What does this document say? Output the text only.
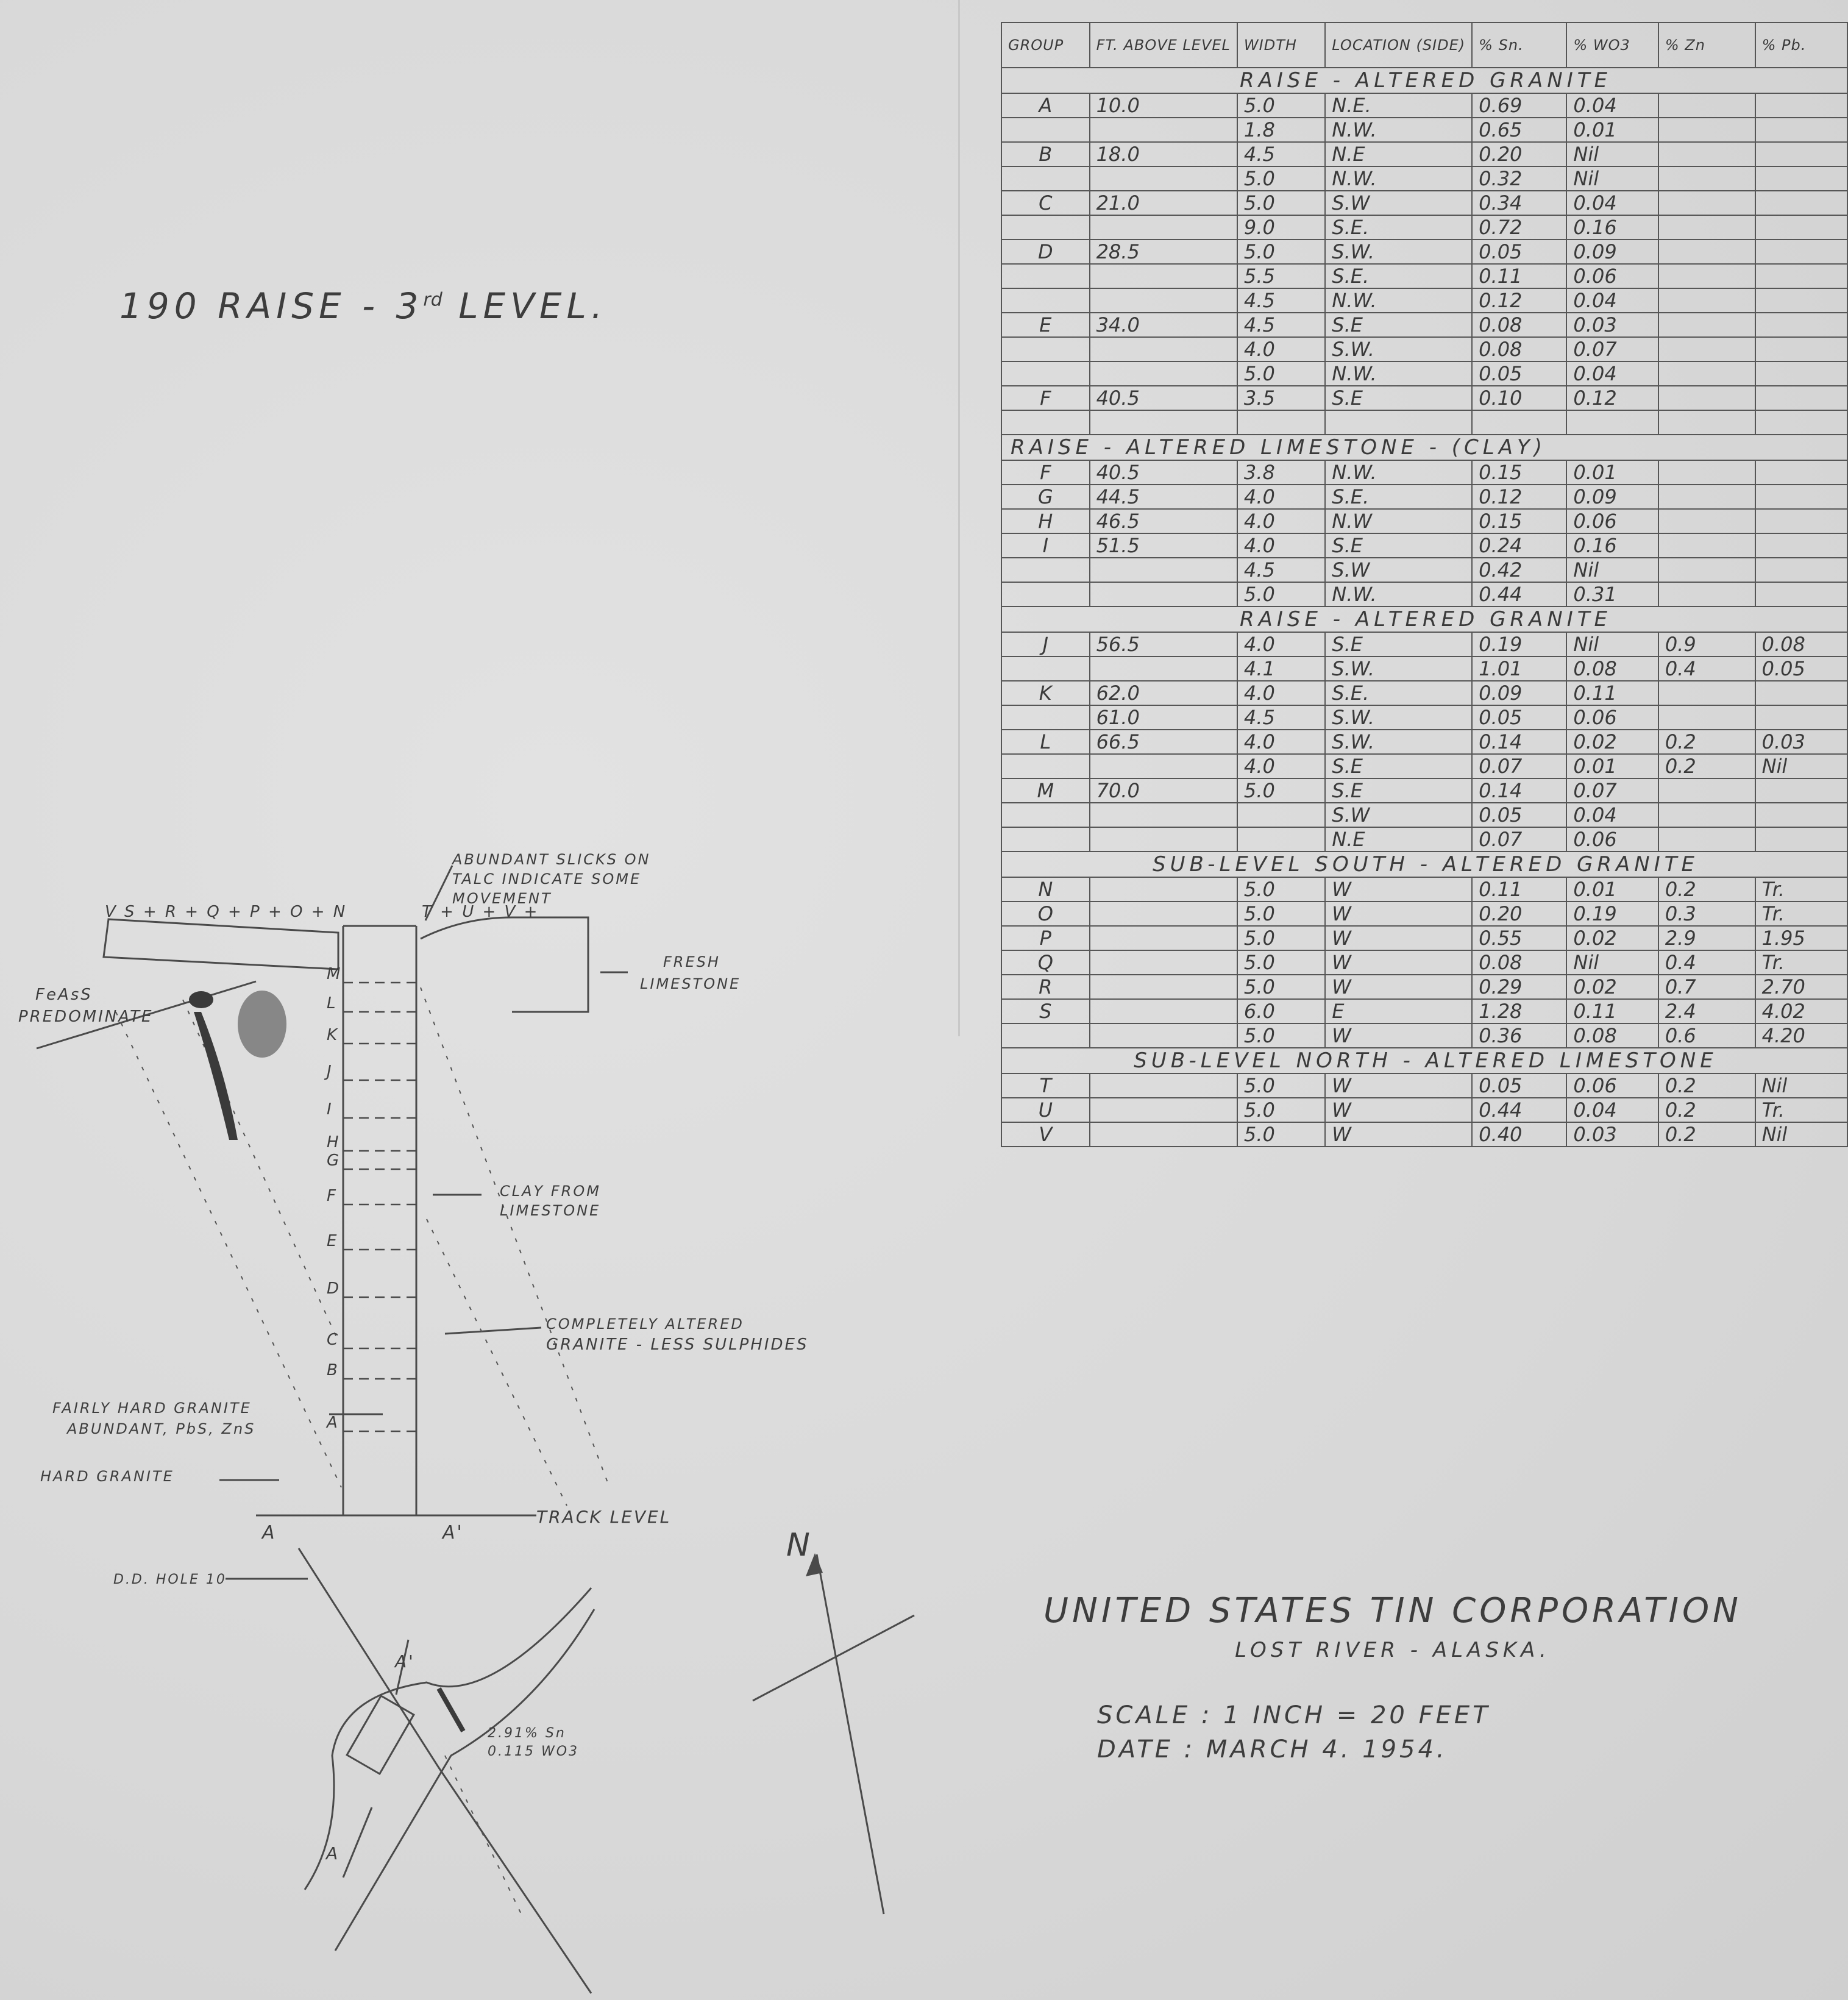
190 RAISE - 3rd LEVEL.
GROUP	FT. ABOVE LEVEL	WIDTH	LOCATION (SIDE)	% Sn.	% WO3	% Zn	% Pb.
RAISE - ALTERED GRANITE							
A	10.0	5.0	N.E.	0.69	0.04		
		1.8	N.W.	0.65	0.01		
B	18.0	4.5	N.E	0.20	Nil		
		5.0	N.W.	0.32	Nil		
C	21.0	5.0	S.W	0.34	0.04		
		9.0	S.E.	0.72	0.16		
D	28.5	5.0	S.W.	0.05	0.09		
		5.5	S.E.	0.11	0.06		
		4.5	N.W.	0.12	0.04		
E	34.0	4.5	S.E	0.08	0.03		
		4.0	S.W.	0.08	0.07		
		5.0	N.W.	0.05	0.04		
F	40.5	3.5	S.E	0.10	0.12		

RAISE - ALTERED LIMESTONE - (CLAY)							
F	40.5	3.8	N.W.	0.15	0.01		
G	44.5	4.0	S.E.	0.12	0.09		
H	46.5	4.0	N.W	0.15	0.06		
I	51.5	4.0	S.E	0.24	0.16		
		4.5	S.W	0.42	Nil		
		5.0	N.W.	0.44	0.31		
RAISE - ALTERED GRANITE							
J	56.5	4.0	S.E	0.19	Nil	0.9	0.08
		4.1	S.W.	1.01	0.08	0.4	0.05
K	62.0	4.0	S.E.	0.09	0.11		
	61.0	4.5	S.W.	0.05	0.06		
L	66.5	4.0	S.W.	0.14	0.02	0.2	0.03
		4.0	S.E	0.07	0.01	0.2	Nil
M	70.0	5.0	S.E	0.14	0.07		
			S.W	0.05	0.04		
			N.E	0.07	0.06		
SUB-LEVEL SOUTH - ALTERED GRANITE							
N		5.0	W	0.11	0.01	0.2	Tr.
O		5.0	W	0.20	0.19	0.3	Tr.
P		5.0	W	0.55	0.02	2.9	1.95
Q		5.0	W	0.08	Nil	0.4	Tr.
R		5.0	W	0.29	0.02	0.7	2.70
S		6.0	E	1.28	0.11	2.4	4.02
		5.0	W	0.36	0.08	0.6	4.20
SUB-LEVEL NORTH - ALTERED LIMESTONE							
T		5.0	W	0.05	0.06	0.2	Nil
U		5.0	W	0.44	0.04	0.2	Tr.
V		5.0	W	0.40	0.03	0.2	Nil
M
L
K
J
I
H
G
F
E
D
C
B
A
ABUNDANT SLICKS ON
TALC INDICATE SOME
MOVEMENT
FRESH
LIMESTONE
FeAsS
PREDOMINATE
CLAY FROM
LIMESTONE
COMPLETELY ALTERED
GRANITE - LESS SULPHIDES
FAIRLY HARD GRANITE
ABUNDANT, PbS, ZnS
HARD GRANITE
TRACK LEVEL
A	A'
V S + R + Q + P + O + N	T + U + V +
D.D. HOLE 10
2.91% Sn
0.115 WO3
A
A'
N
UNITED STATES TIN CORPORATION
LOST RIVER - ALASKA.
SCALE : 1 INCH = 20 FEET
DATE : MARCH 4. 1954.
